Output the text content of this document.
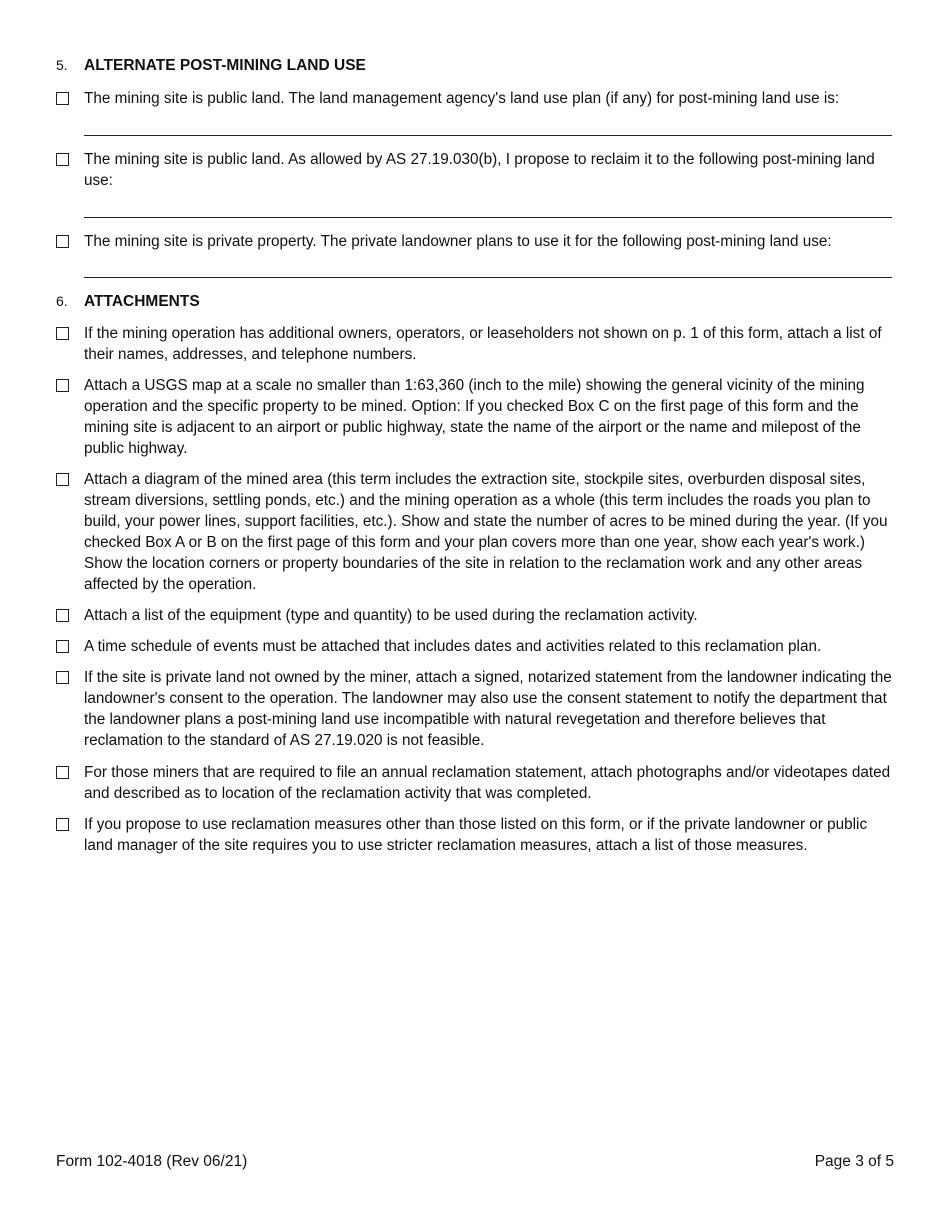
5.	ALTERNATE POST-MINING LAND USE
The mining site is public land. The land management agency's land use plan (if any) for post-mining land use is:
The mining site is public land. As allowed by AS 27.19.030(b), I propose to reclaim it to the following post-mining land use:
The mining site is private property. The private landowner plans to use it for the following post-mining land use:
6.	ATTACHMENTS
If the mining operation has additional owners, operators, or leaseholders not shown on p. 1 of this form, attach a list of their names, addresses, and telephone numbers.
Attach a USGS map at a scale no smaller than 1:63,360 (inch to the mile) showing the general vicinity of the mining operation and the specific property to be mined. Option: If you checked Box C on the first page of this form and the mining site is adjacent to an airport or public highway, state the name of the airport or the name and milepost of the public highway.
Attach a diagram of the mined area (this term includes the extraction site, stockpile sites, overburden disposal sites, stream diversions, settling ponds, etc.) and the mining operation as a whole (this term includes the roads you plan to build, your power lines, support facilities, etc.). Show and state the number of acres to be mined during the year. (If you checked Box A or B on the first page of this form and your plan covers more than one year, show each year's work.) Show the location corners or property boundaries of the site in relation to the reclamation work and any other areas affected by the operation.
Attach a list of the equipment (type and quantity) to be used during the reclamation activity.
A time schedule of events must be attached that includes dates and activities related to this reclamation plan.
If the site is private land not owned by the miner, attach a signed, notarized statement from the landowner indicating the landowner's consent to the operation. The landowner may also use the consent statement to notify the department that the landowner plans a post-mining land use incompatible with natural revegetation and therefore believes that reclamation to the standard of AS 27.19.020 is not feasible.
For those miners that are required to file an annual reclamation statement, attach photographs and/or videotapes dated and described as to location of the reclamation activity that was completed.
If you propose to use reclamation measures other than those listed on this form, or if the private landowner or public land manager of the site requires you to use stricter reclamation measures, attach a list of those measures.
Form 102-4018 (Rev 06/21)	Page 3 of 5
